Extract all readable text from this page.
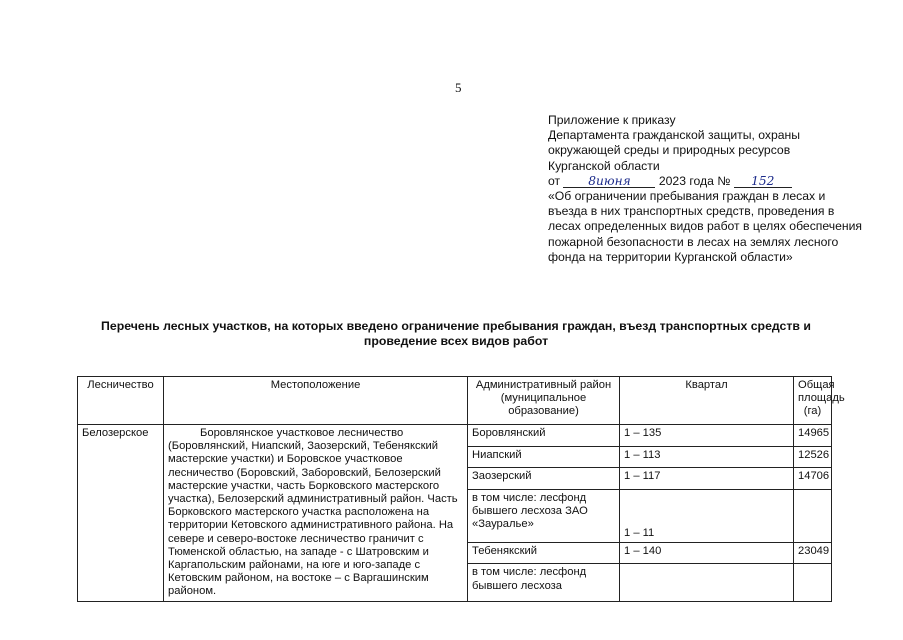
5
Приложение к приказу
Департамента гражданской защиты, охраны
окружающей среды и природных ресурсов
Курганской области
от 8июня 2023 года № 152
«Об ограничении пребывания граждан в лесах и въезда в них транспортных средств, проведения в лесах определенных видов работ в целях обеспечения пожарной безопасности в лесах на землях лесного фонда на территории Курганской области»
Перечень лесных участков, на которых введено ограничение пребывания граждан, въезд транспортных средств и проведение всех видов работ
Лесничество	Местоположение	Административный район (муниципальное образование)	Квартал	Общая площадь (га)
Белозерское	Боровлянское участковое лесничество (Боровлянский, Ниапский, Заозерский, Тебенякский мастерские участки) и Боровское участковое лесничество (Боровский, Заборовский, Белозерский мастерские участки, часть Борковского мастерского участка), Белозерский административный район. Часть Борковского мастерского участка расположена на территории Кетовского административного района. На севере и северо-востоке лесничество граничит с Тюменской областью, на западе - с Шатровским и Каргапольским районами, на юге и юго-западе с Кетовским районом, на востоке – с Варгашинским районом.	Боровлянский	1 – 135	14965
		Ниапский	1 – 113	12526
		Заозерский	1 – 117	14706
		в том числе: лесфонд бывшего лесхоза ЗАО «Зауралье»	1 – 11	
		Тебенякский	1 – 140	23049
		в том числе: лесфонд бывшего лесхоза		
